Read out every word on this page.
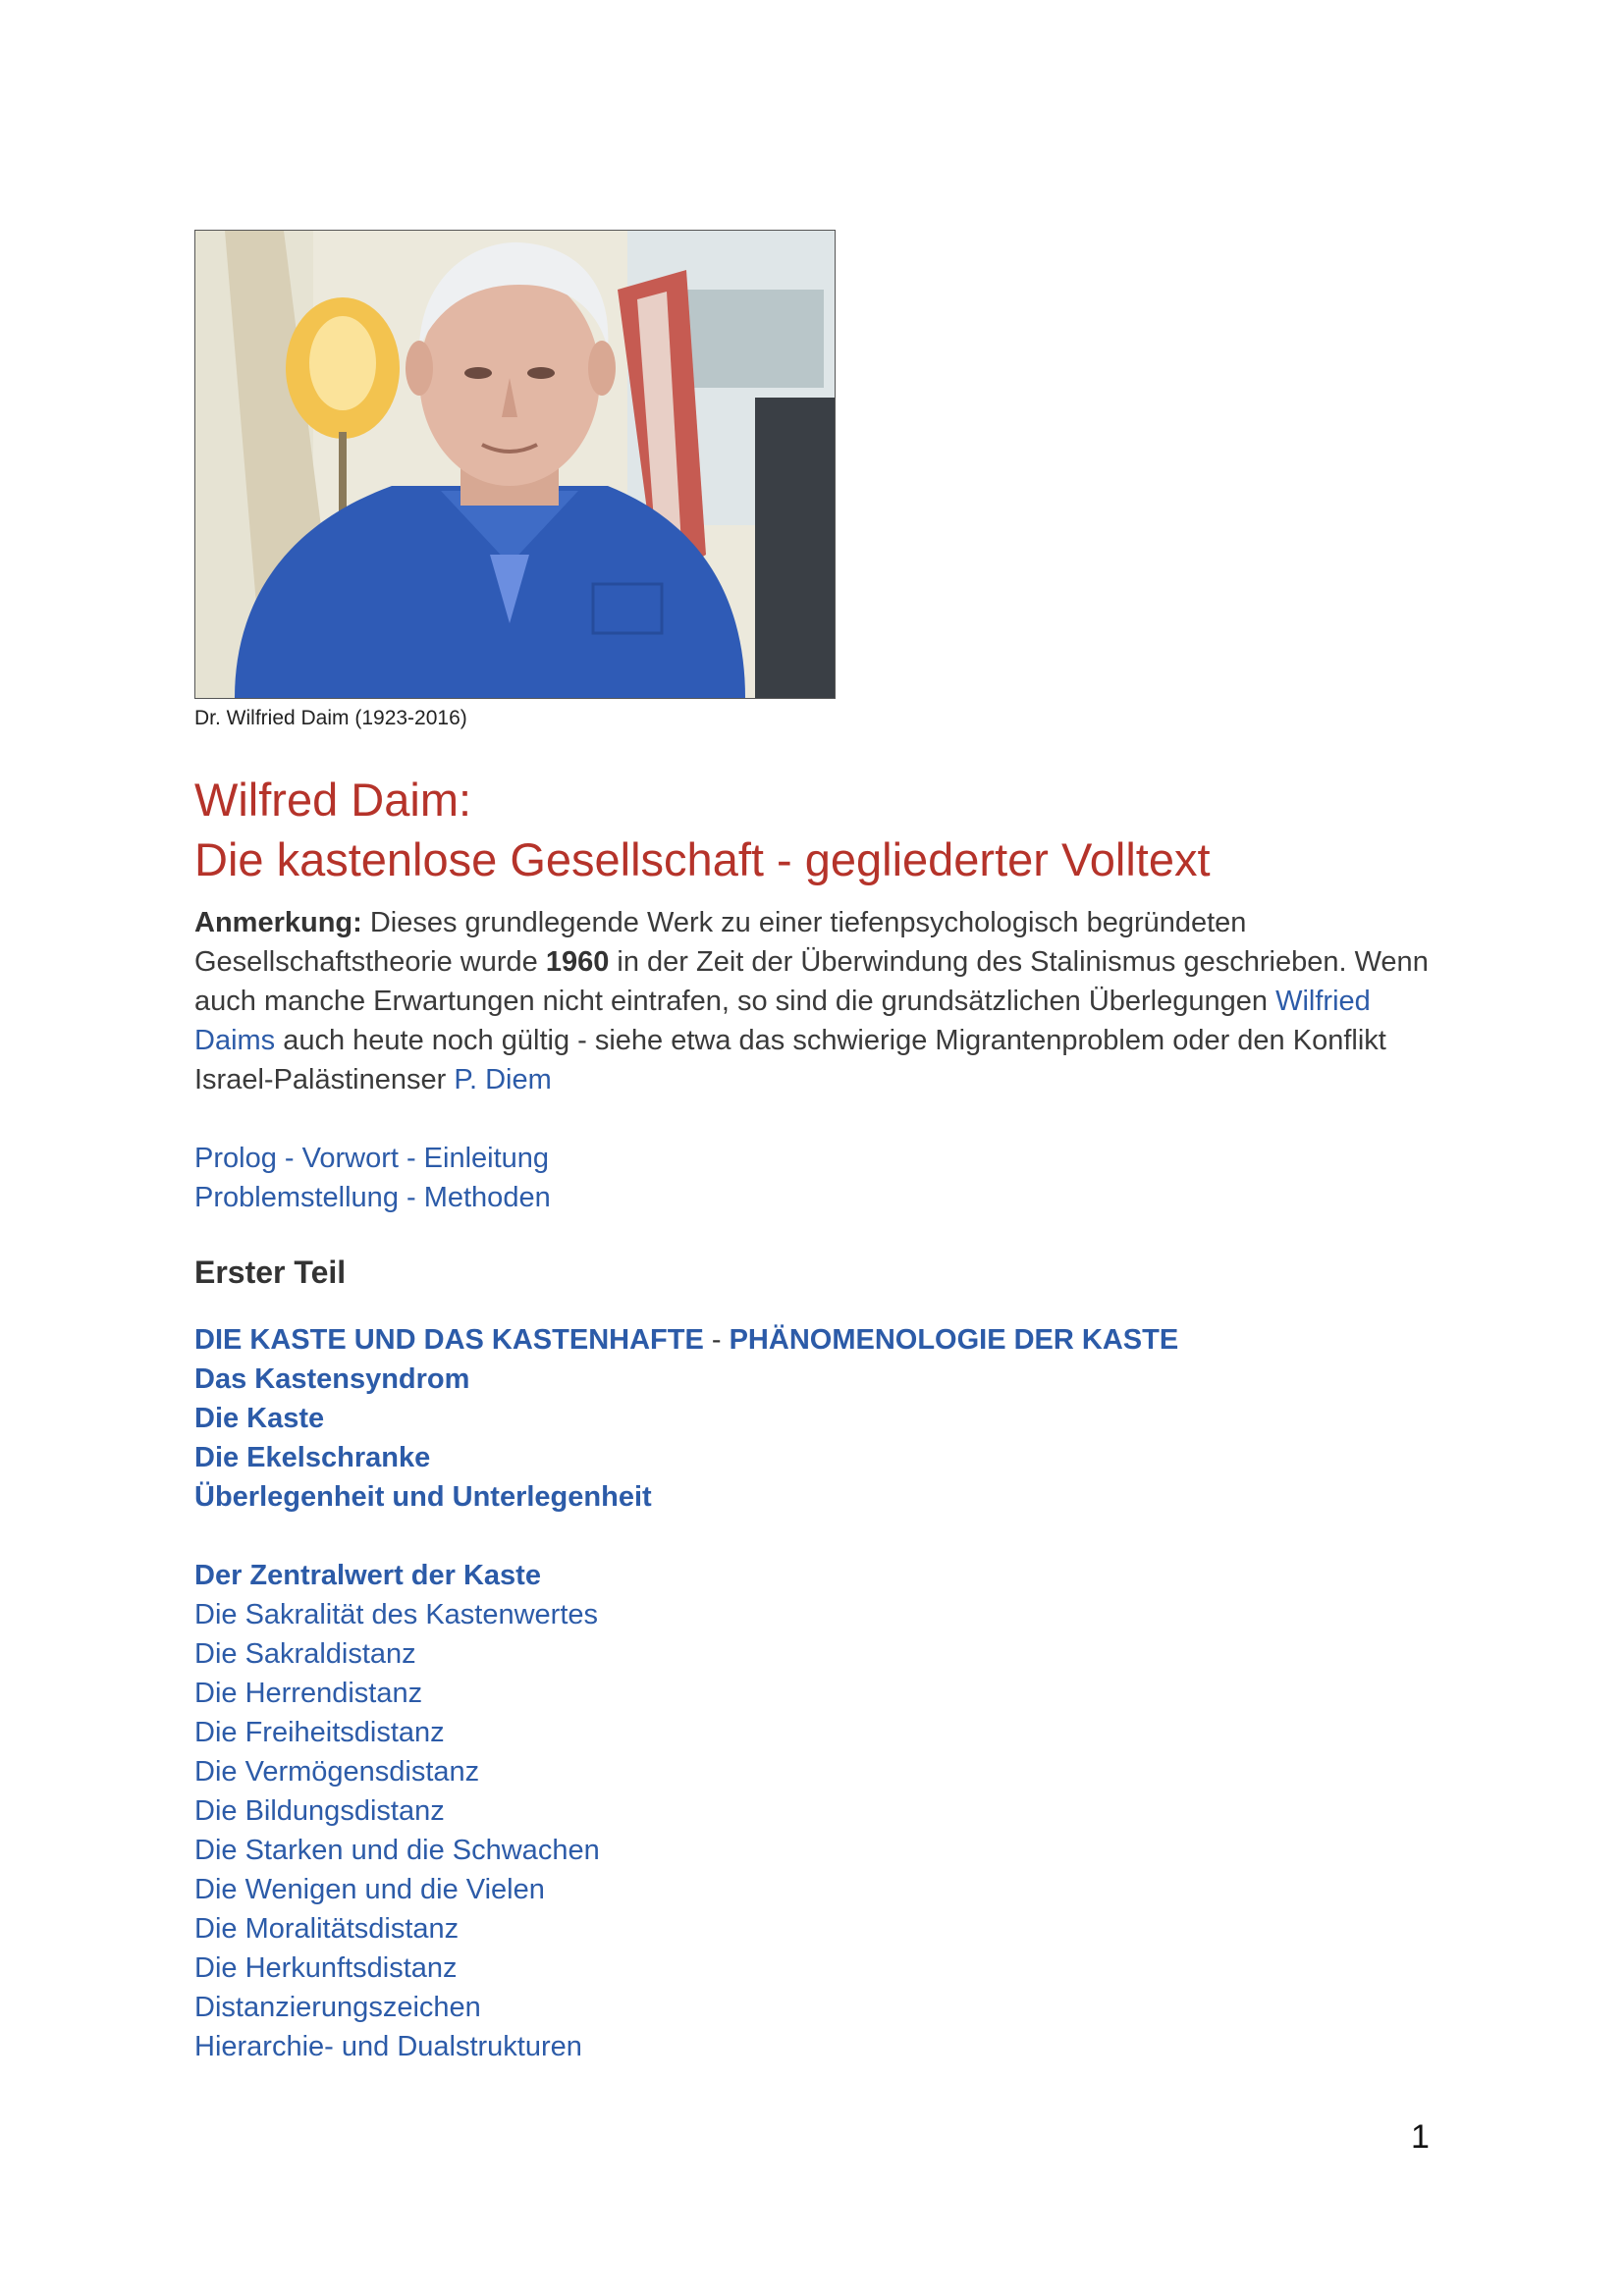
Dr. Wilfried Daim (1923-2016)
Wilfred Daim:
Die kastenlose Gesellschaft - gegliederter Volltext
Anmerkung: Dieses grundlegende Werk zu einer tiefenpsychologisch begründeten Gesellschaftstheorie wurde 1960 in der Zeit der Überwindung des Stalinismus geschrieben. Wenn auch manche Erwartungen nicht eintrafen, so sind die grundsätzlichen Überlegungen Wilfried Daims auch heute noch gültig - siehe etwa das schwierige Migrantenproblem oder den Konflikt Israel-Palästinenser P. Diem
Prolog - Vorwort - Einleitung
Problemstellung - Methoden
Erster Teil
DIE KASTE UND DAS KASTENHAFTE - PHÄNOMENOLOGIE DER KASTE
Das Kastensyndrom
Die Kaste
Die Ekelschranke
Überlegenheit und Unterlegenheit
Der Zentralwert der Kaste
Die Sakralität des Kastenwertes
Die Sakraldistanz
Die Herrendistanz
Die Freiheitsdistanz
Die Vermögensdistanz
Die Bildungsdistanz
Die Starken und die Schwachen
Die Wenigen und die Vielen
Die Moralitätsdistanz
Die Herkunftsdistanz
Distanzierungszeichen
Hierarchie- und Dualstrukturen
1
